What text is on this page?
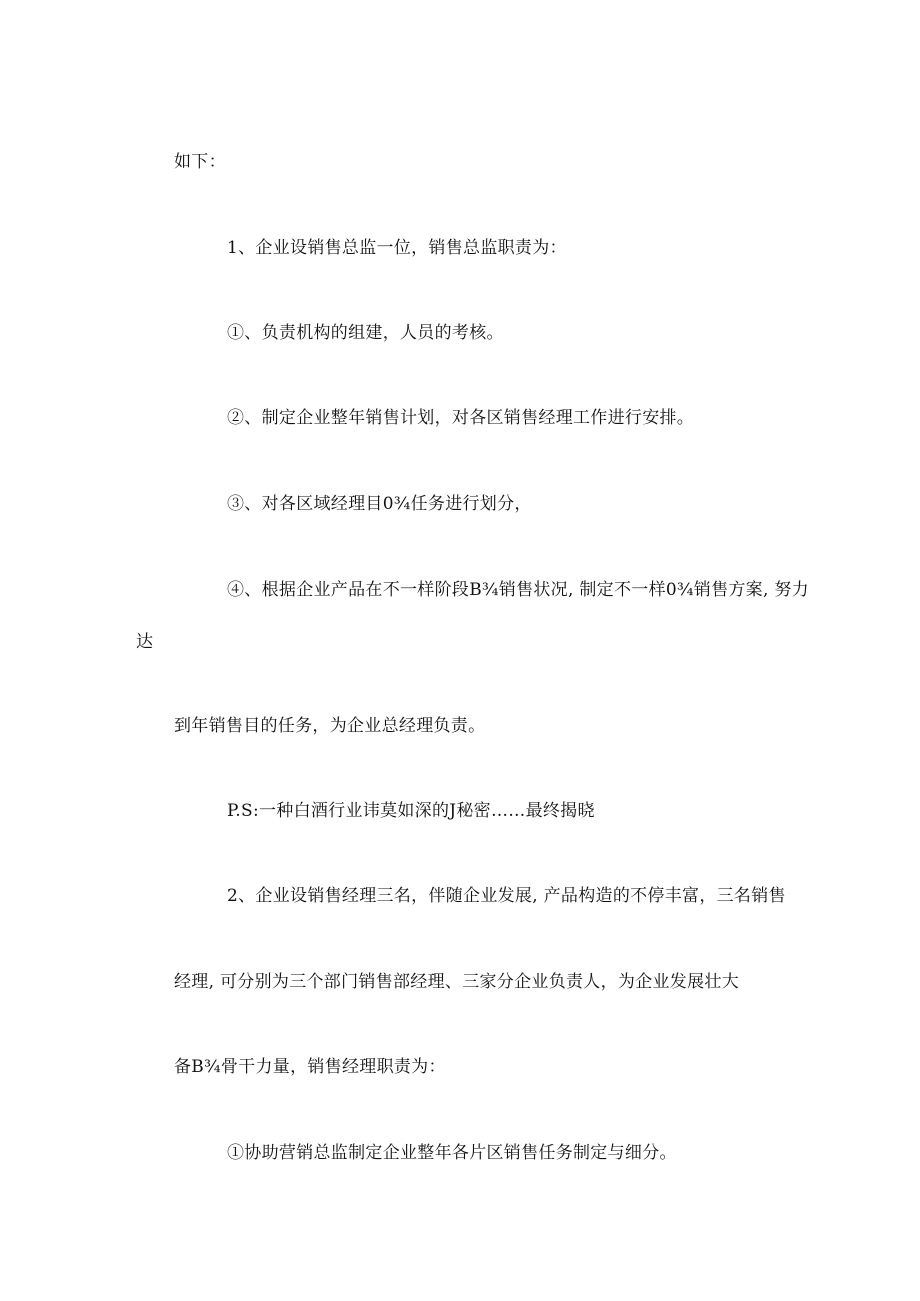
如下：
1、企业设销售总监一位，销售总监职责为：
①、负责机构的组建，人员的考核。
②、制定企业整年销售计划，对各区销售经理工作进行安排。
③、对各区域经理目0¾任务进行划分，
④、根据企业产品在不一样阶段B¾销售状况, 制定不一样0¾销售方案, 努力
达
到年销售目的任务，为企业总经理负责。
P.S:一种白酒行业讳莫如深的J秘密……最终揭晓
2、企业设销售经理三名，伴随企业发展, 产品构造的不停丰富，三名销售
经理, 可分别为三个部门销售部经理、三家分企业负责人，为企业发展壮大
备B¾骨干力量，销售经理职责为：
①协助营销总监制定企业整年各片区销售任务制定与细分。
